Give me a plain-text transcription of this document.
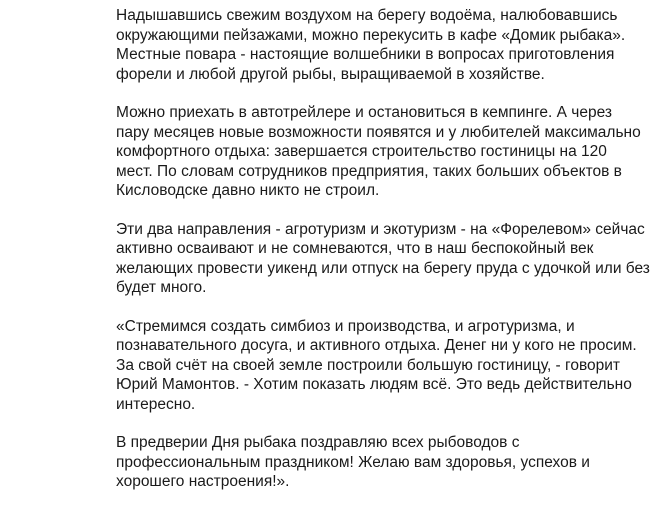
Надышавшись свежим воздухом на берегу водоёма, налюбовавшись
окружающими пейзажами, можно перекусить в кафе «Домик рыбака».
Местные повара - настоящие волшебники в вопросах приготовления
форели и любой другой рыбы, выращиваемой в хозяйстве.

Можно приехать в автотрейлере и остановиться в кемпинге. А через
пару месяцев новые возможности появятся и у любителей максимально
комфортного отдыха: завершается строительство гостиницы на 120
мест. По словам сотрудников предприятия, таких больших объектов в
Кисловодске давно никто не строил.

Эти два направления - агротуризм и экотуризм - на «Форелевом» сейчас
активно осваивают и не сомневаются, что в наш беспокойный век
желающих провести уикенд или отпуск на берегу пруда с удочкой или без
будет много.

«Стремимся создать симбиоз и производства, и агротуризма, и
познавательного досуга, и активного отдыха. Денег ни у кого не просим.
За свой счёт на своей земле построили большую гостиницу, - говорит
Юрий Мамонтов. - Хотим показать людям всё. Это ведь действительно
интересно.

В предверии Дня рыбака поздравляю всех рыбоводов с
профессиональным праздником! Желаю вам здоровья, успехов и
хорошего настроения!».
